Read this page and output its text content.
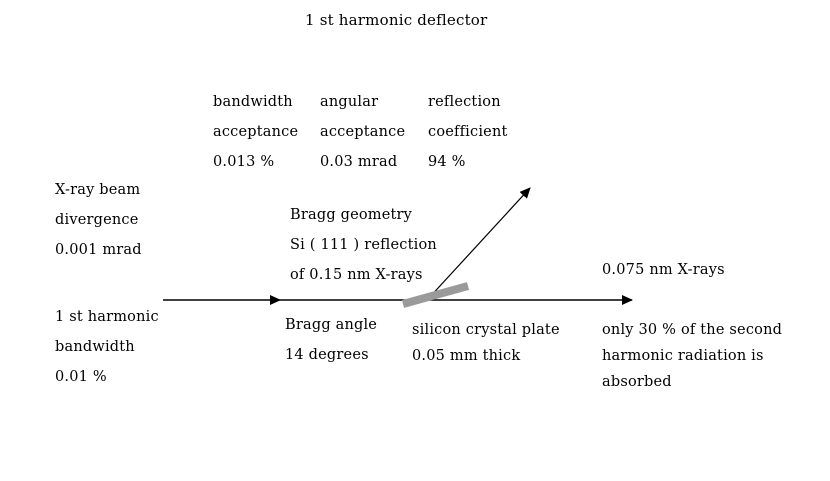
1 st harmonic deflector
bandwidth
acceptance
0.013 %
angular
acceptance
0.03 mrad
reflection
coefficient
94 %
X-ray beam
divergence
0.001 mrad
1 st harmonic
bandwidth
0.01 %
Bragg geometry
Si ( 111 ) reflection
of 0.15 nm X-rays
Bragg angle
14 degrees
silicon crystal plate
0.05 mm thick
0.075 nm X-rays
only 30 % of the second
harmonic radiation is
absorbed
